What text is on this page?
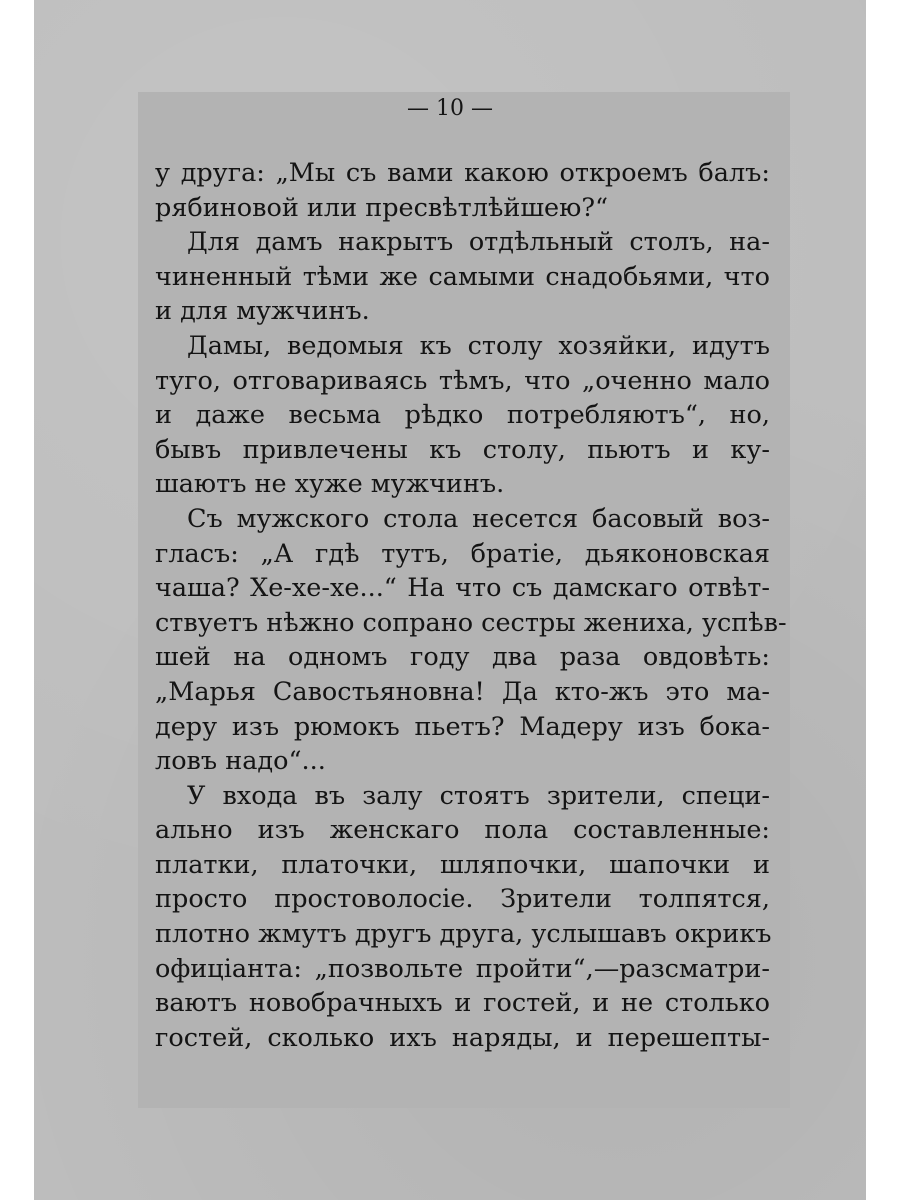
— 10 —
у друга: „Мы съ вами какою откроемъ балъ:
рябиновой или пресвѣтлѣйшею?“
Для дамъ накрытъ отдѣльный столъ, на-
чиненный тѣми же самыми снадобьями, что
и для мужчинъ.
Дамы, ведомыя къ столу хозяйки, идутъ
туго, отговариваясь тѣмъ, что „оченно мало
и даже весьма рѣдко потребляютъ“, но,
бывъ привлечены къ столу, пьютъ и ку-
шаютъ не хуже мужчинъ.
Съ мужского стола несется басовый воз-
гласъ: „А гдѣ тутъ, братіе, дьяконовская
чаша? Хе-хе-хе...“ На что съ дамскаго отвѣт-
ствуетъ нѣжно сопрано сестры жениха, успѣв-
шей на одномъ году два раза овдовѣть:
„Марья Савостьяновна! Да кто-жъ это ма-
деру изъ рюмокъ пьетъ? Мадеру изъ бока-
ловъ надо“...
У входа въ залу стоятъ зрители, специ-
ально изъ женскаго пола составленные:
платки, платочки, шляпочки, шапочки и
просто простоволосіе. Зрители толпятся,
плотно жмутъ другъ друга, услышавъ окрикъ
офиціанта: „позвольте пройти“,—разсматри-
ваютъ новобрачныхъ и гостей, и не столько
гостей, сколько ихъ наряды, и перешепты-
